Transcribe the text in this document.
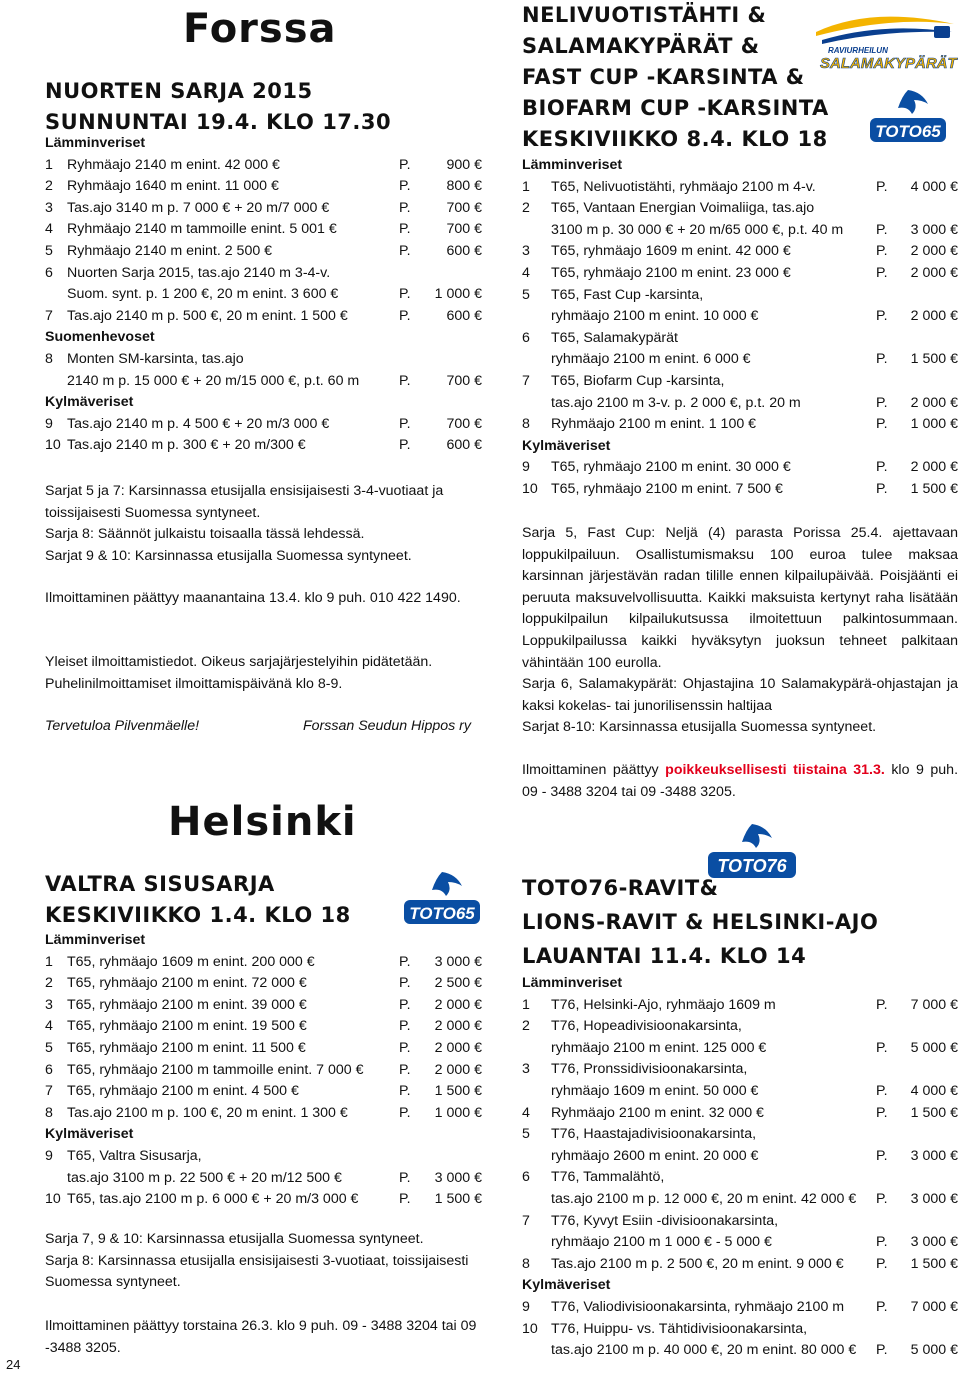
24
Forssa
NUORTEN SARJA 2015
SUNNUNTAI 19.4. KLO 17.30
Lämminveriset
1 Ryhmäajo 2140 m enint. 42 000 €	P.	900 €
2 Ryhmäajo 1640 m enint. 11 000 €	P.	800 €
3 Tas.ajo 3140 m p. 7 000 € + 20 m/7 000 €	P.	700 €
4 Ryhmäajo 2140 m tammoille enint. 5 001 €	P.	700 €
5 Ryhmäajo 2140 m enint. 2 500 €	P.	600 €
6 Nuorten Sarja 2015, tas.ajo 2140 m 3-4-v.
Suom. synt. p. 1 200 €, 20 m enint. 3 600 €	P. 1 000 €
7 Tas.ajo 2140 m p. 500 €, 20 m enint. 1 500 €	P.	600 €
Suomenhevoset
8 Monten SM-karsinta, tas.ajo
2140 m p. 15 000 € + 20 m/15 000 €, p.t. 60 m	P.	700 €
Kylmäveriset
9 Tas.ajo 2140 m p. 4 500 € + 20 m/3 000 €	P.	700 €
10 Tas.ajo 2140 m p. 300 € + 20 m/300 €	P.	600 €
Sarjat 5 ja 7: Karsinnassa etusijalla ensisijaisesti 3-4-vuotiaat ja toissijaisesti Suomessa syntyneet.
Sarja 8: Säännöt julkaistu toisaalla tässä lehdessä.
Sarjat 9 & 10: Karsinnassa etusijalla Suomessa syntyneet.
Ilmoittaminen päättyy maanantaina 13.4. klo 9 puh. 010 422 1490.
Yleiset ilmoittamistiedot. Oikeus sarjajärjestelyihin pidätetään.
Puhelinilmoittamiset ilmoittamispäivänä klo 8-9.
Tervetuloa Pilvenmäelle!	Forssan Seudun Hippos ry
NELIVUOTISTÄHTI &
SALAMAKYPÄRÄT &
FAST CUP -KARSINTA &
BIOFARM CUP -KARSINTA
KESKIVIIKKO 8.4. KLO 18
RAVIURHEILUN
SALAMAKYPÄRÄT
TOTO65
Lämminveriset
1 T65, Nelivuotistähti, ryhmäajo 2100 m 4-v.	P. 4 000 €
2 T65, Vantaan Energian Voimaliiga, tas.ajo
3100 m p. 30 000 € + 20 m/65 000 €, p.t. 40 m P. 3 000 €
3 T65, ryhmäajo 1609 m enint. 42 000 €	P. 2 000 €
4 T65, ryhmäajo 2100 m enint. 23 000 €	P. 2 000 €
5 T65, Fast Cup -karsinta,
ryhmäajo 2100 m enint. 10 000 €	P. 2 000 €
6 T65, Salamakypärät
ryhmäajo 2100 m enint. 6 000 €	P. 1 500 €
7 T65, Biofarm Cup -karsinta,
tas.ajo 2100 m 3-v. p. 2 000 €, p.t. 20 m	P. 2 000 €
8 Ryhmäajo 2100 m enint. 1 100 €	P. 1 000 €
Kylmäveriset
9 T65, ryhmäajo 2100 m enint. 30 000 €	P. 2 000 €
10 T65, ryhmäajo 2100 m enint. 7 500 €	P. 1 500 €
Sarja 5, Fast Cup: Neljä (4) parasta Porissa 25.4. ajettavaan loppukilpailuun. Osallistumismaksu 100 euroa tulee maksaa karsinnan järjestävän radan tilille ennen kilpailupäivää. Poisjäänti ei peruuta maksuvelvollisuutta. Kaikki maksuista kertynyt raha lisätään loppukilpailun kilpailukutsussa ilmoitettuun palkintosummaan. Loppukilpailussa kaikki hyväksytyn juoksun tehneet palkitaan vähintään 100 eurolla.
Sarja 6, Salamakypärät: Ohjastajina 10 Salamakypärä-ohjastajan ja kaksi kokelas- tai junorilisenssin haltijaa
Sarjat 8-10: Karsinnassa etusijalla Suomessa syntyneet.
Ilmoittaminen päättyy poikkeuksellisesti tiistaina 31.3. klo 9 puh. 09 - 3488 3204 tai 09 -3488 3205.
Helsinki
VALTRA SISUSARJA
KESKIVIIKKO 1.4. KLO 18	TOTO65
Lämminveriset
1 T65, ryhmäajo 1609 m enint. 200 000 €	P. 3 000 €
2 T65, ryhmäajo 2100 m enint. 72 000 €	P. 2 500 €
3 T65, ryhmäajo 2100 m enint. 39 000 €	P. 2 000 €
4 T65, ryhmäajo 2100 m enint. 19 500 €	P. 2 000 €
5 T65, ryhmäajo 2100 m enint. 11 500 €	P. 2 000 €
6 T65, ryhmäajo 2100 m tammoille enint. 7 000 € P. 2 000 €
7 T65, ryhmäajo 2100 m enint. 4 500 €	P. 1 500 €
8 Tas.ajo 2100 m p. 100 €, 20 m enint. 1 300 €	P. 1 000 €
Kylmäveriset
9 T65, Valtra Sisusarja,
tas.ajo 3100 m p. 22 500 € + 20 m/12 500 €	P. 3 000 €
10 T65, tas.ajo 2100 m p. 6 000 € + 20 m/3 000 €	P. 1 500 €
Sarja 7, 9 & 10: Karsinnassa etusijalla Suomessa syntyneet.
Sarja 8: Karsinnassa etusijalla ensisijaisesti 3-vuotiaat, toissijaisesti Suomessa syntyneet.
Ilmoittaminen päättyy torstaina 26.3. klo 9 puh. 09 - 3488 3204 tai 09 -3488 3205.
TOTO76
TOTO76-RAVIT&
LIONS-RAVIT & HELSINKI-AJO
LAUANTAI 11.4. KLO 14
Lämminveriset
1 T76, Helsinki-Ajo, ryhmäajo 1609 m	P. 7 000 €
2 T76, Hopeadivisioonakarsinta,
ryhmäajo 2100 m enint. 125 000 €	P. 5 000 €
3 T76, Pronssidivisioonakarsinta,
ryhmäajo 1609 m enint. 50 000 €	P. 4 000 €
4 Ryhmäajo 2100 m enint. 32 000 €	P. 1 500 €
5 T76, Haastajadivisioonakarsinta,
ryhmäajo 2600 m enint. 20 000 €	P. 3 000 €
6 T76, Tammalähtö,
tas.ajo 2100 m p. 12 000 €, 20 m enint. 42 000 € P. 3 000 €
7 T76, Kyvyt Esiin -divisioonakarsinta,
ryhmäajo 2100 m 1 000 € - 5 000 €	P. 3 000 €
8 Tas.ajo 2100 m p. 2 500 €, 20 m enint. 9 000 € P. 1 500 €
Kylmäveriset
9 T76, Valiodivisioonakarsinta, ryhmäajo 2100 m P. 7 000 €
10 T76, Huippu- vs. Tähtidivisioonakarsinta,
tas.ajo 2100 m p. 40 000 €, 20 m enint. 80 000 € P. 5 000 €
